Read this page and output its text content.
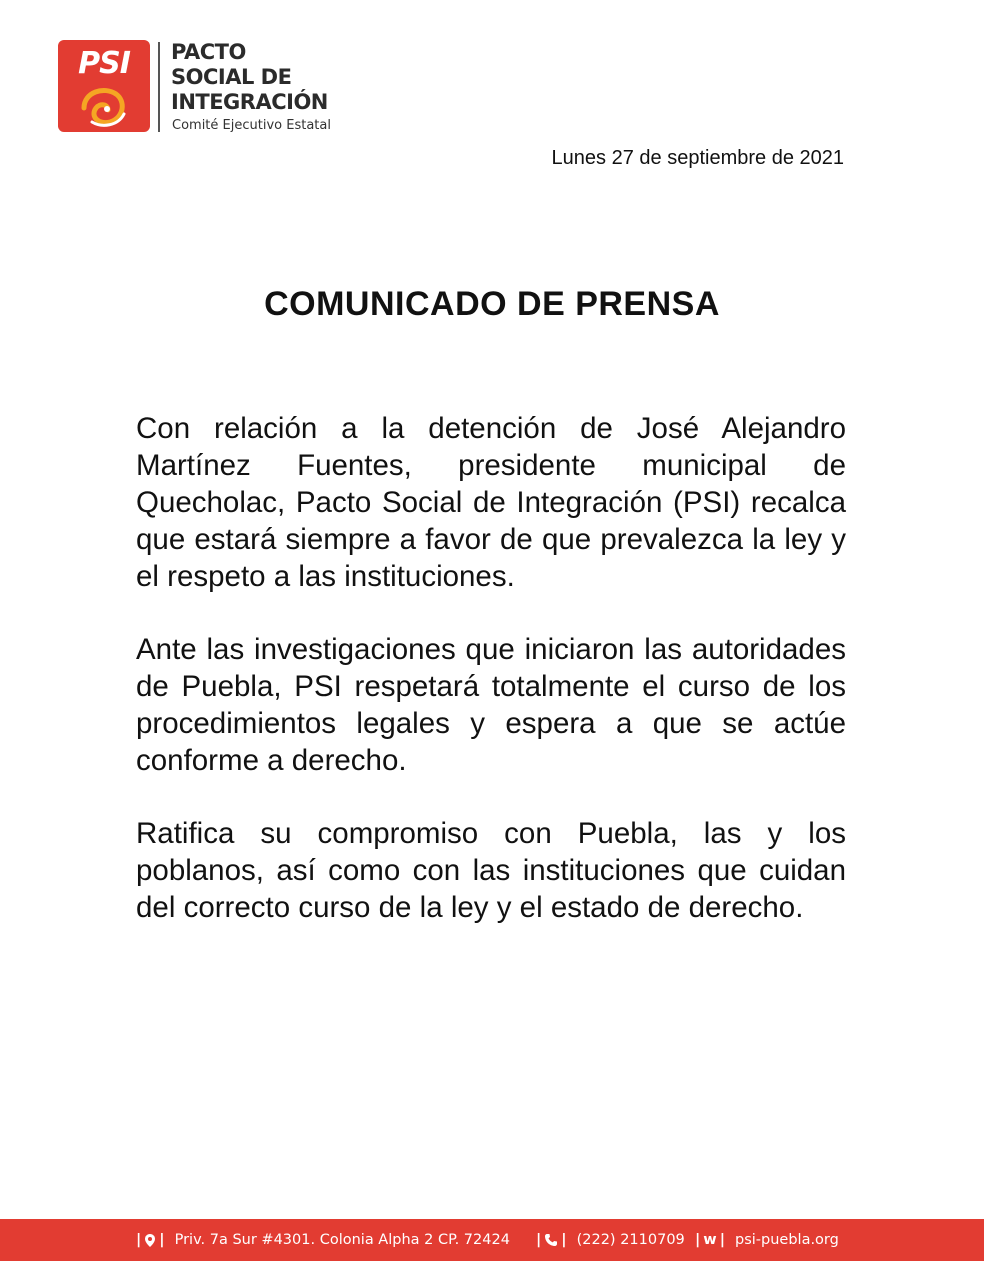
PSI	PACTO
SOCIAL DE
INTEGRACIÓN
Comité Ejecutivo Estatal
Lunes 27 de septiembre de 2021
COMUNICADO DE PRENSA

Con relación a la detención de José Alejandro Martínez Fuentes, presidente municipal de Quecholac, Pacto Social de Integración (PSI) recalca que estará siempre a favor de que prevalezca la ley y el respeto a las instituciones.

Ante las investigaciones que iniciaron las autoridades de Puebla, PSI respetará totalmente el curso de los procedimientos legales y espera a que se actúe conforme a derecho.

Ratifica su compromiso con Puebla, las y los poblanos, así como con las instituciones que cuidan del correcto curso de la ley y el estado de derecho.

| | Priv. 7a Sur #4301. Colonia Alpha 2 CP. 72424 | | (222) 2110709 | w | psi-puebla.org
